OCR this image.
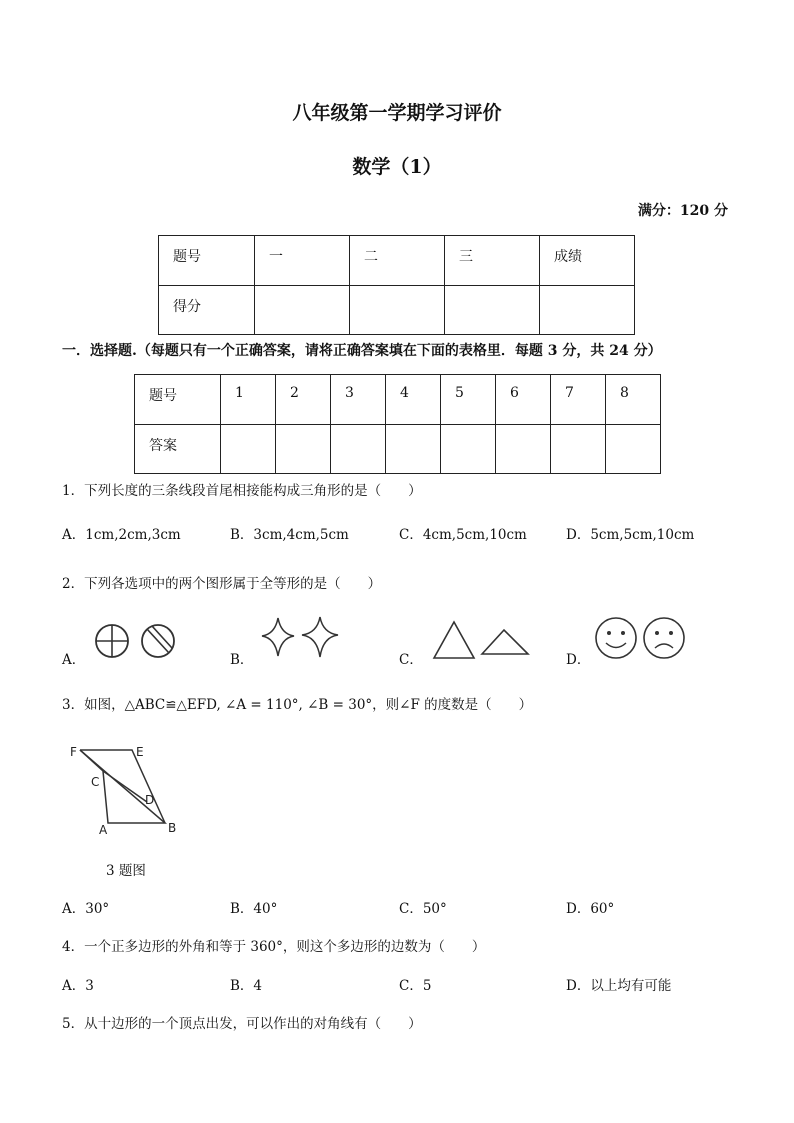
八年级第一学期学习评价
数学（1）
满分：120 分
题号	一	二	三	成绩
得分				
一．选择题.（每题只有一个正确答案，请将正确答案填在下面的表格里．每题 3 分，共 24 分）
题号	1	2	3	4	5	6	7	8
答案								
1．下列长度的三条线段首尾相接能构成三角形的是（　　）
A．1cm,2cm,3cm	B．3cm,4cm,5cm	C．4cm,5cm,10cm	D．5cm,5cm,10cm
2．下列各选项中的两个图形属于全等形的是（　　）
A．	B．	C．	D．
3．如图，△ABC≌△EFD, ∠A = 110°, ∠B = 30°，则∠F 的度数是（　　）
F	E
C
D
A	B
3 题图
A．30°	B．40°	C．50°	D．60°
4．一个正多边形的外角和等于 360°，则这个多边形的边数为（　　）
A．3	B．4	C．5	D．以上均有可能
5．从十边形的一个顶点出发，可以作出的对角线有（　　）
